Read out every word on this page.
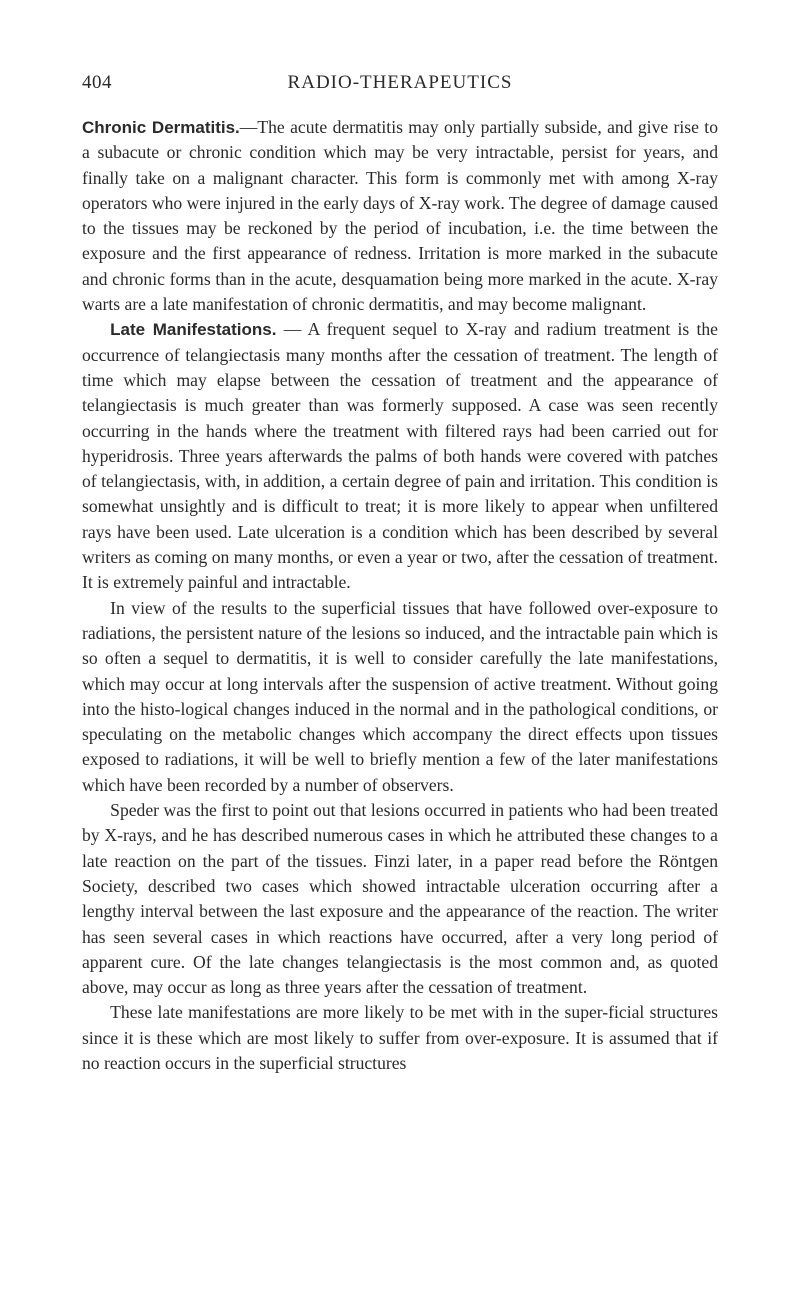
404	RADIO-THERAPEUTICS

Chronic Dermatitis.—The acute dermatitis may only partially subside, and give rise to a subacute or chronic condition which may be very intractable, persist for years, and finally take on a malignant character. This form is commonly met with among X-ray operators who were injured in the early days of X-ray work. The degree of damage caused to the tissues may be reckoned by the period of incubation, i.e. the time between the exposure and the first appearance of redness. Irritation is more marked in the subacute and chronic forms than in the acute, desquamation being more marked in the acute. X-ray warts are a late manifestation of chronic dermatitis, and may become malignant.

Late Manifestations. — A frequent sequel to X-ray and radium treatment is the occurrence of telangiectasis many months after the cessation of treatment. The length of time which may elapse between the cessation of treatment and the appearance of telangiectasis is much greater than was formerly supposed. A case was seen recently occurring in the hands where the treatment with filtered rays had been carried out for hyperidrosis. Three years afterwards the palms of both hands were covered with patches of telangiectasis, with, in addition, a certain degree of pain and irritation. This condition is somewhat unsightly and is difficult to treat; it is more likely to appear when unfiltered rays have been used. Late ulceration is a condition which has been described by several writers as coming on many months, or even a year or two, after the cessation of treatment. It is extremely painful and intractable.

In view of the results to the superficial tissues that have followed over-exposure to radiations, the persistent nature of the lesions so induced, and the intractable pain which is so often a sequel to dermatitis, it is well to consider carefully the late manifestations, which may occur at long intervals after the suspension of active treatment. Without going into the histo-logical changes induced in the normal and in the pathological conditions, or speculating on the metabolic changes which accompany the direct effects upon tissues exposed to radiations, it will be well to briefly mention a few of the later manifestations which have been recorded by a number of observers.

Speder was the first to point out that lesions occurred in patients who had been treated by X-rays, and he has described numerous cases in which he attributed these changes to a late reaction on the part of the tissues. Finzi later, in a paper read before the Röntgen Society, described two cases which showed intractable ulceration occurring after a lengthy interval between the last exposure and the appearance of the reaction. The writer has seen several cases in which reactions have occurred, after a very long period of apparent cure. Of the late changes telangiectasis is the most common and, as quoted above, may occur as long as three years after the cessation of treatment.

These late manifestations are more likely to be met with in the super-ficial structures since it is these which are most likely to suffer from over-exposure. It is assumed that if no reaction occurs in the superficial structures
